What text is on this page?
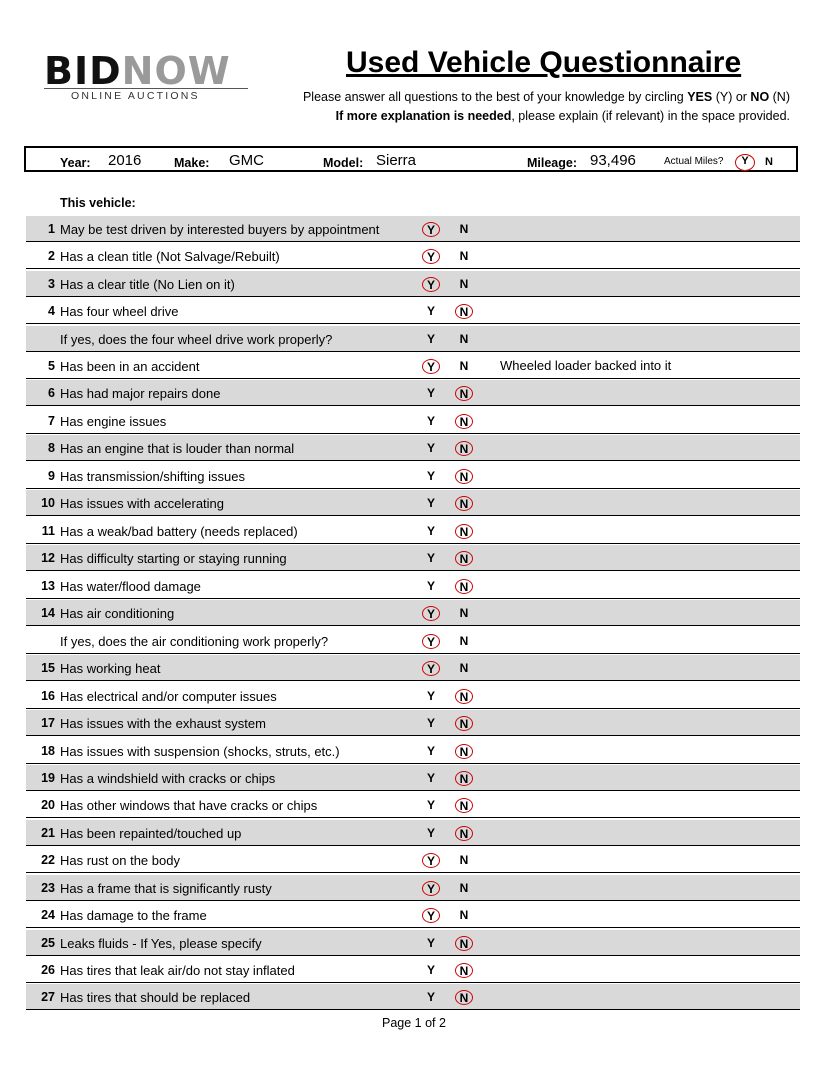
BIDNOW
ONLINE AUCTIONS
Used Vehicle Questionnaire
Please answer all questions to the best of your knowledge by circling YES (Y) or NO (N)
If more explanation is needed, please explain (if relevant) in the space provided.
Year: 2016	Make: GMC	Model: Sierra	Mileage: 93,496	Actual Miles?	Y	N
This vehicle:
1 May be test driven by interested buyers by appointment	Y	N
2 Has a clean title (Not Salvage/Rebuilt)	Y	N
3 Has a clear title (No Lien on it)	Y	N
4 Has four wheel drive	Y	N
If yes, does the four wheel drive work properly?	Y	N
5 Has been in an accident	Y	N	Wheeled loader backed into it
6 Has had major repairs done	Y	N
7 Has engine issues	Y	N
8 Has an engine that is louder than normal	Y	N
9 Has transmission/shifting issues	Y	N
10 Has issues with accelerating	Y	N
11 Has a weak/bad battery (needs replaced)	Y	N
12 Has difficulty starting or staying running	Y	N
13 Has water/flood damage	Y	N
14 Has air conditioning	Y	N
If yes, does the air conditioning work properly?	Y	N
15 Has working heat	Y	N
16 Has electrical and/or computer issues	Y	N
17 Has issues with the exhaust system	Y	N
18 Has issues with suspension (shocks, struts, etc.)	Y	N
19 Has a windshield with cracks or chips	Y	N
20 Has other windows that have cracks or chips	Y	N
21 Has been repainted/touched up	Y	N
22 Has rust on the body	Y	N
23 Has a frame that is significantly rusty	Y	N
24 Has damage to the frame	Y	N
25 Leaks fluids - If Yes, please specify	Y	N
26 Has tires that leak air/do not stay inflated	Y	N
27 Has tires that should be replaced	Y	N
Page 1 of 2
